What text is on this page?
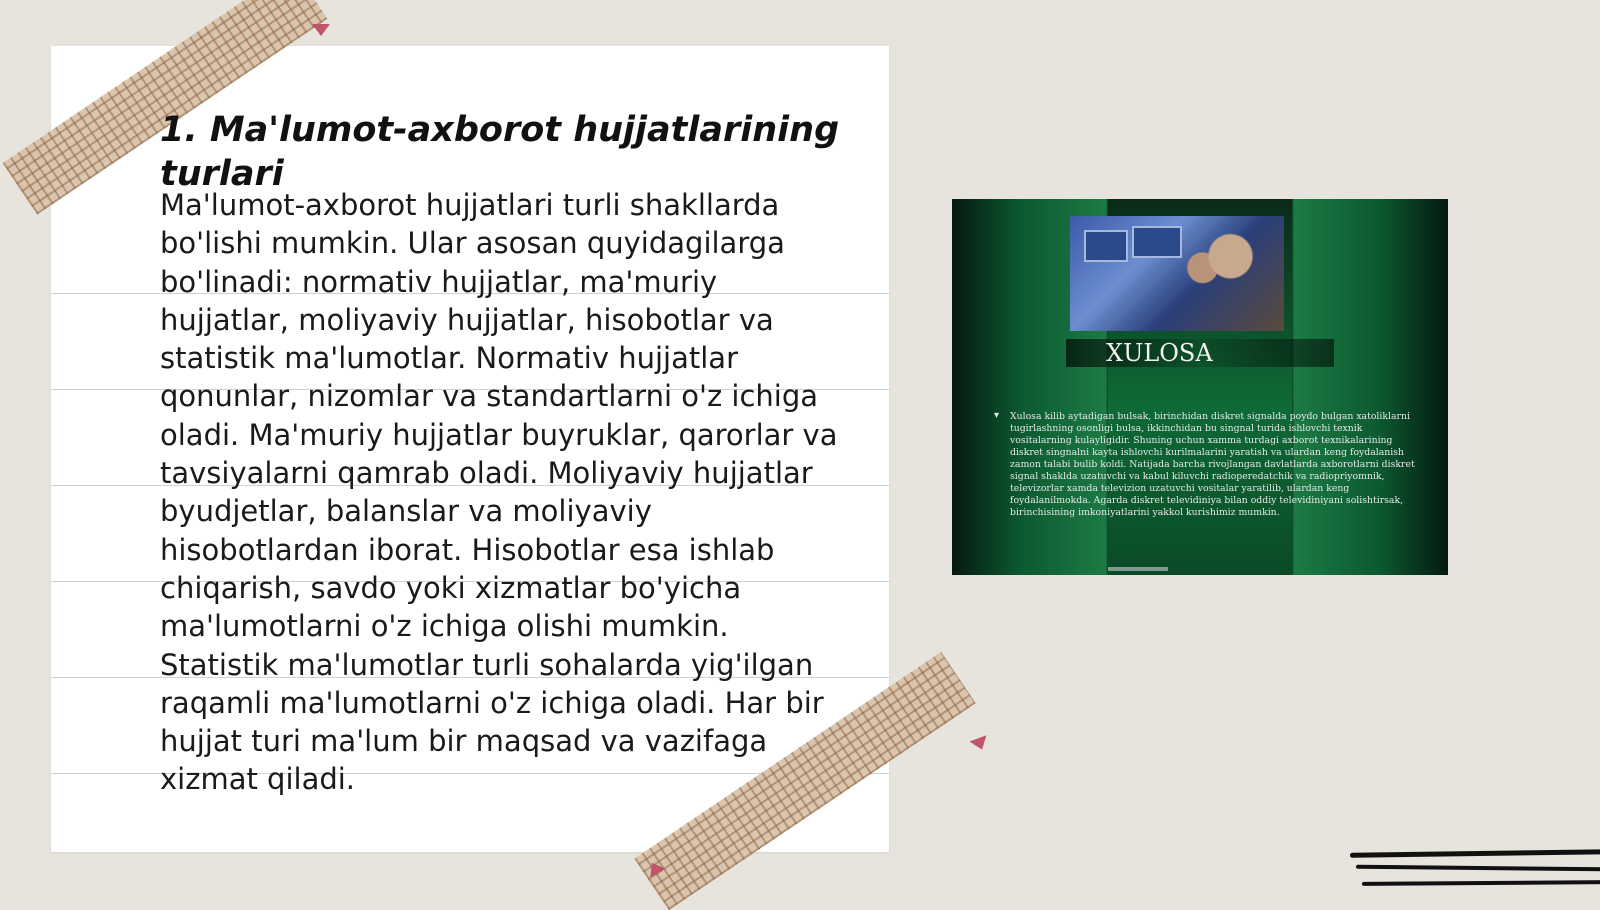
1. Ma'lumot-axborot hujjatlarining turlari

Ma'lumot-axborot hujjatlari turli shakllarda bo'lishi mumkin. Ular asosan quyidagilarga bo'linadi: normativ hujjatlar, ma'muriy hujjatlar, moliyaviy hujjatlar, hisobotlar va statistik ma'lumotlar. Normativ hujjatlar qonunlar, nizomlar va standartlarni o'z ichiga oladi. Ma'muriy hujjatlar buyruklar, qarorlar va tavsiyalarni qamrab oladi. Moliyaviy hujjatlar byudjetlar, balanslar va moliyaviy hisobotlardan iborat. Hisobotlar esa ishlab chiqarish, savdo yoki xizmatlar bo'yicha ma'lumotlarni o'z ichiga olishi mumkin. Statistik ma'lumotlar turli sohalarda yig'ilgan raqamli ma'lumotlarni o'z ichiga oladi. Har bir hujjat turi ma'lum bir maqsad va vazifaga xizmat qiladi.

XULOSA
▾ Xulosa kilib aytadigan bulsak, birinchidan diskret signalda poydo bulgan xatoliklarni tugirlashning osonligi bulsa, ikkinchidan bu singnal turida ishlovchi texnik vositalarning kulayligidir. Shuning uchun xamma turdagi axborot texnikalarining diskret singnalni kayta ishlovchi kurilmalarini yaratish va ulardan keng foydalanish zamon talabi bulib koldi. Natijada barcha rivojlangan davlatlarda axborotlarni diskret signal shaklda uzatuvchi va kabul kiluvchi radioperedatchik va radiopriyomnik, televizorlar xamda televizion uzatuvchi vositalar yaratilib, ulardan keng foydalanilmokda. Agarda diskret televidiniya bilan oddiy televidiniyani solishtirsak, birinchisining imkoniyatlarini yakkol kurishimiz mumkin.
